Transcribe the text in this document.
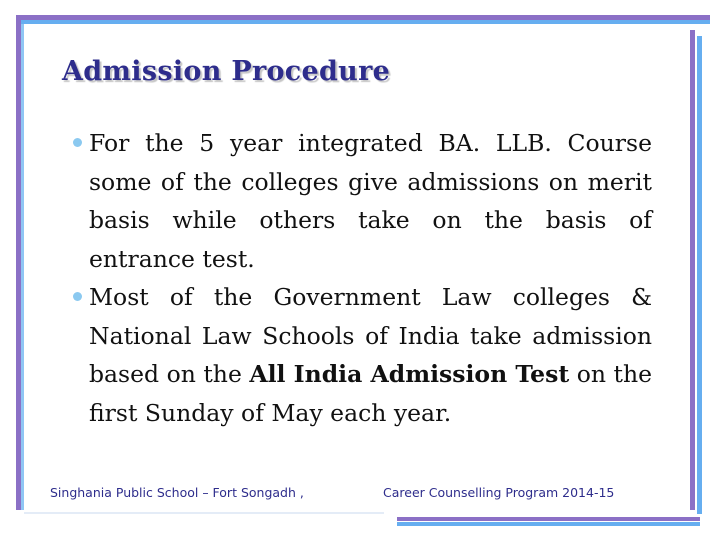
Admission Procedure
For the 5 year integrated BA. LLB. Course some of the colleges give admissions on merit basis while others take on the basis of entrance test.
Most of the Government Law colleges & National Law Schools of India take admission based on the All India Admission Test on the first Sunday of May each year.

Singhania Public School – Fort Songadh ,	Career Counselling Program 2014-15
